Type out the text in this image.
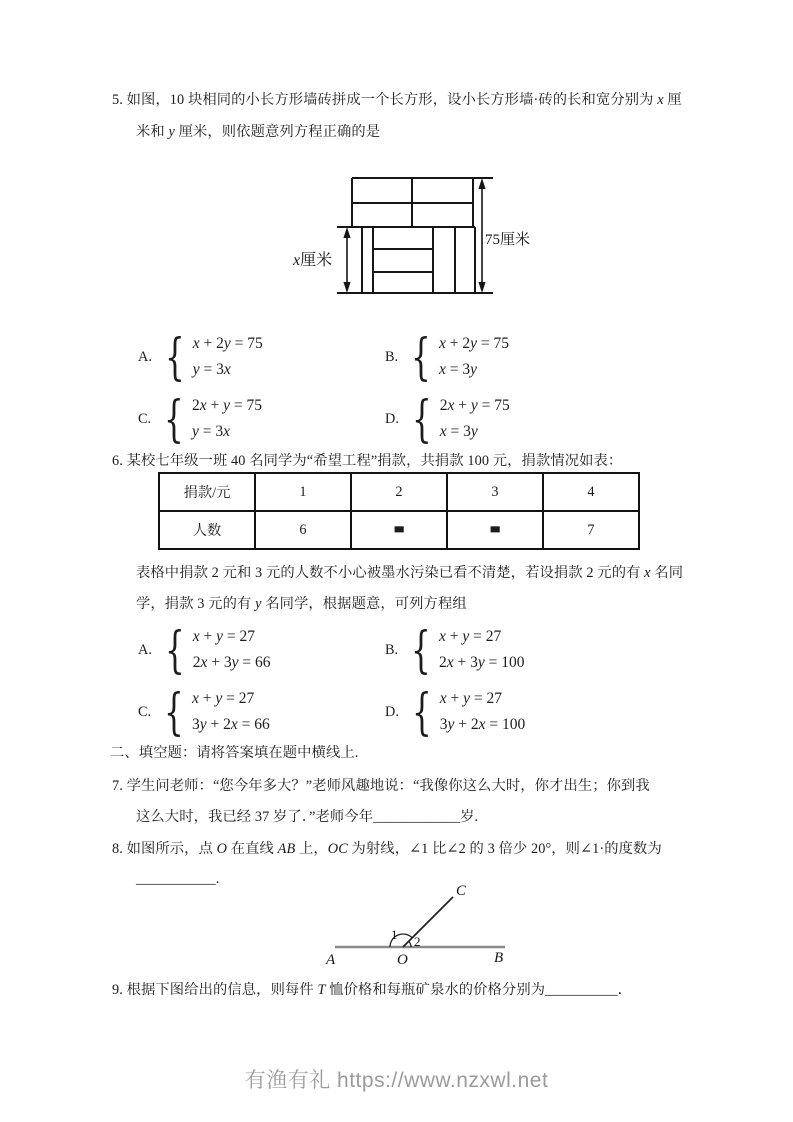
5. 如图，10 块相同的小长方形墙砖拼成一个长方形，设小长方形墙·砖的长和宽分别为 x 厘
米和 y 厘米，则依题意列方程正确的是
x厘米
75厘米
A. { x + 2y = 75
y = 3x
B. { x + 2y = 75
x = 3y
C. { 2x + y = 75
y = 3x
D. { 2x + y = 75
x = 3y
6. 某校七年级一班 40 名同学为“希望工程”捐款，共捐款 100 元，捐款情况如表：
捐款/元	1	2	3	4
人数	6	■	■	7
表格中捐款 2 元和 3 元的人数不小心被墨水污染已看不清楚，若设捐款 2 元的有 x 名同
学，捐款 3 元的有 y 名同学，根据题意，可列方程组
A. { x + y = 27
2x + 3y = 66
B. { x + y = 27
2x + 3y = 100
C. { x + y = 27
3y + 2x = 66
D. { x + y = 27
3y + 2x = 100
二、填空题：请将答案填在题中横线上.
7. 学生问老师：“您今年多大？”老师风趣地说：“我像你这么大时，你才出生；你到我
这么大时，我已经 37 岁了．”老师今年____________岁.
8. 如图所示，点 O 在直线 AB 上，OC 为射线，∠1 比∠2 的 3 倍少 20°，则∠1·的度数为
___________.
A	O	B
C
1 2
9. 根据下图给出的信息，则每件 T 恤价格和每瓶矿泉水的价格分别为__________．
有渔有礼 https://www.nzxwl.net
